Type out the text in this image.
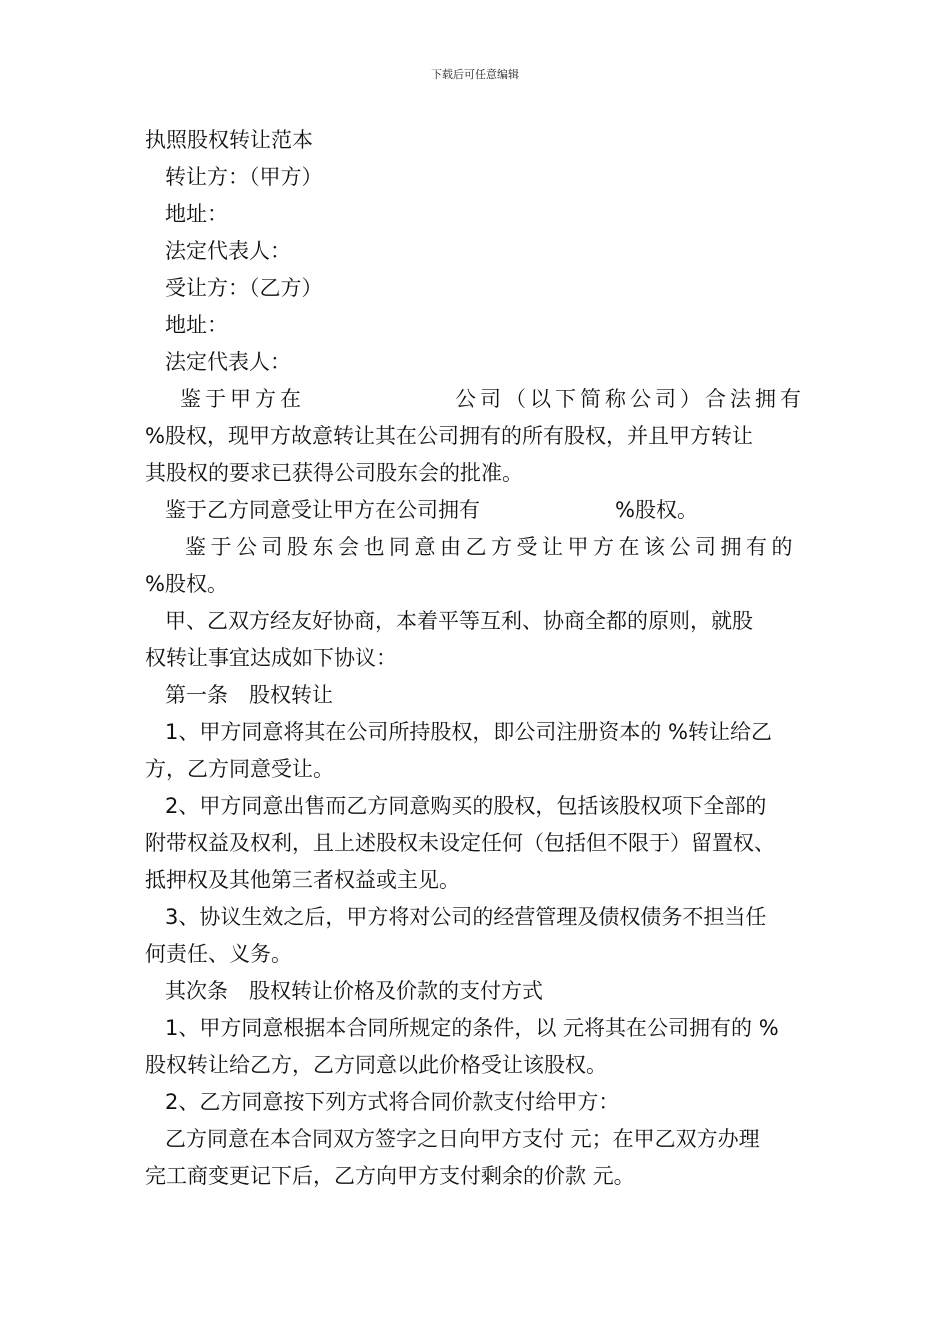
下载后可任意编辑
执照股权转让范本
转让方：（甲方）
地址：
法定代表人：
受让方：（乙方）
地址：
法定代表人：
鉴于甲方在	公司（以下简称公司）合法拥有
%股权，现甲方故意转让其在公司拥有的所有股权，并且甲方转让
其股权的要求已获得公司股东会的批准。
鉴于乙方同意受让甲方在公司拥有	%股权。
鉴于公司股东会也同意由乙方受让甲方在该公司拥有的
%股权。
甲、乙双方经友好协商，本着平等互利、协商全都的原则，就股
权转让事宜达成如下协议：
第一条　股权转让
1、甲方同意将其在公司所持股权，即公司注册资本的 %转让给乙
方，乙方同意受让。
2、甲方同意出售而乙方同意购买的股权，包括该股权项下全部的
附带权益及权利，且上述股权未设定任何（包括但不限于）留置权、
抵押权及其他第三者权益或主见。
3、协议生效之后，甲方将对公司的经营管理及债权债务不担当任
何责任、义务。
其次条　股权转让价格及价款的支付方式
1、甲方同意根据本合同所规定的条件，以 元将其在公司拥有的 %
股权转让给乙方，乙方同意以此价格受让该股权。
2、乙方同意按下列方式将合同价款支付给甲方：
乙方同意在本合同双方签字之日向甲方支付 元；在甲乙双方办理
完工商变更记下后，乙方向甲方支付剩余的价款 元。
